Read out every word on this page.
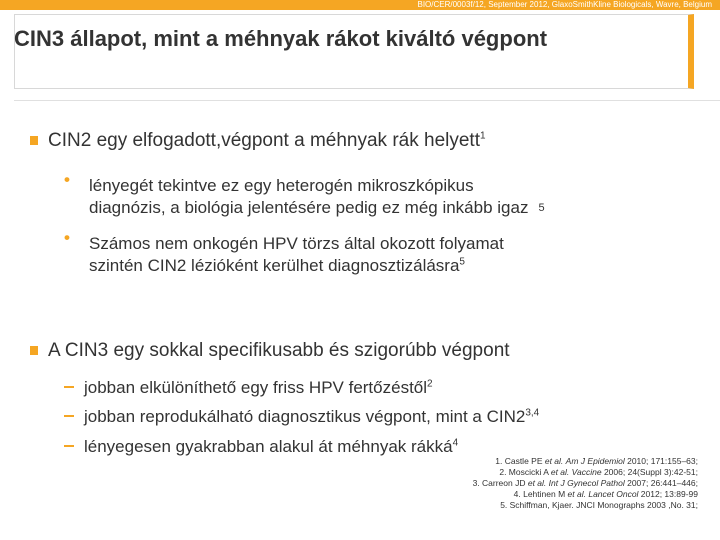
BIO/CER/0003f/12, September 2012, GlaxoSmithKline Biologicals, Wavre, Belgium
CIN3 állapot, mint a méhnyak rákot kiváltó végpont
CIN2 egy elfogadott,végpont a méhnyak rák helyett$^1$
• lényegét tekintve ez egy heterogén mikroszkópikus
diagnózis, a biológia jelentésére pedig ez még inkább igaz $^5$
• Számos nem onkogén HPV törzs által okozott folyamat
szintén CIN2 lézióként kerülhet diagnosztizálásra$^5$
A CIN3 egy sokkal specifikusabb és szigorúbb végpont
jobban elkülöníthető egy friss HPV fertőzéstől$^2$
jobban reprodukálható diagnosztikus végpont, mint a CIN2$^{3,4}$
lényegesen gyakrabban alakul át méhnyak rákká$^4$
1. Castle PE et al. Am J Epidemiol 2010; 171:155–63;
2. Moscicki A et al. Vaccine 2006; 24(Suppl 3):42-51;
3. Carreon JD et al. Int J Gynecol Pathol 2007; 26:441–446;
4. Lehtinen M et al. Lancet Oncol 2012; 13:89-99
5. Schiffman, Kjaer. JNCI Monographs 2003 ,No. 31;
